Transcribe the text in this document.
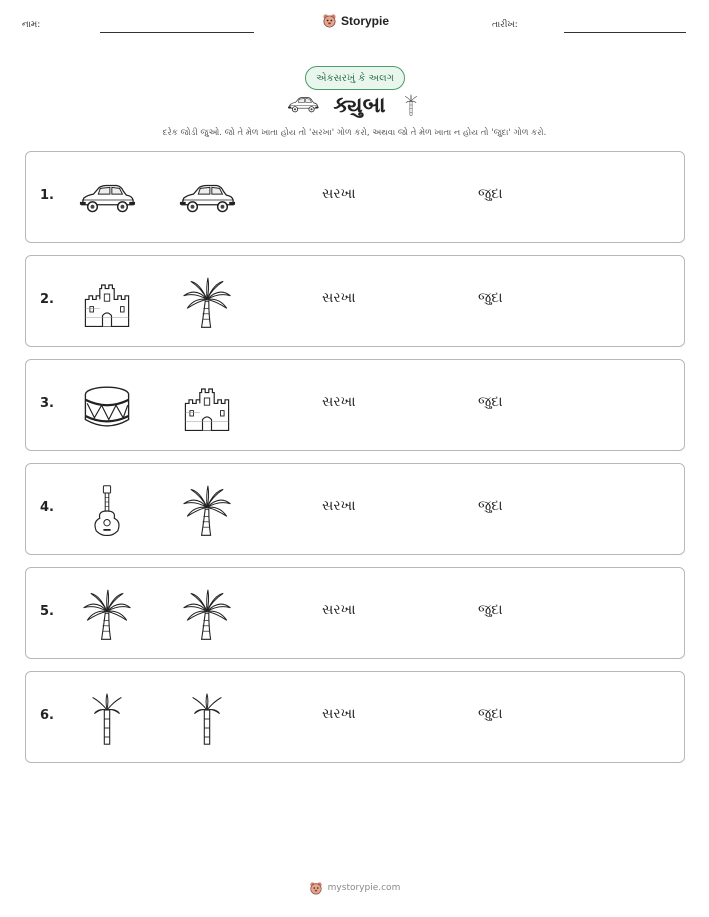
નામ:	Storypie	તારીખ:
એકસરખું કે અલગ
ક્યુબા
દરેક જોડી જુઓ. જો તે મેળ ખાતા હોય તો 'સરખા' ગોળ કરો, અથવા જો તે મેળ ખાતા ન હોય તો 'જુદા' ગોળ કરો.
1.	સરખા	જુદા
2.	સરખા	જુદા
3.	સરખા	જુદા
4.	સરખા	જુદા
5.	સરખા	જુદા
6.	સરખા	જુદા
mystorypie.com
